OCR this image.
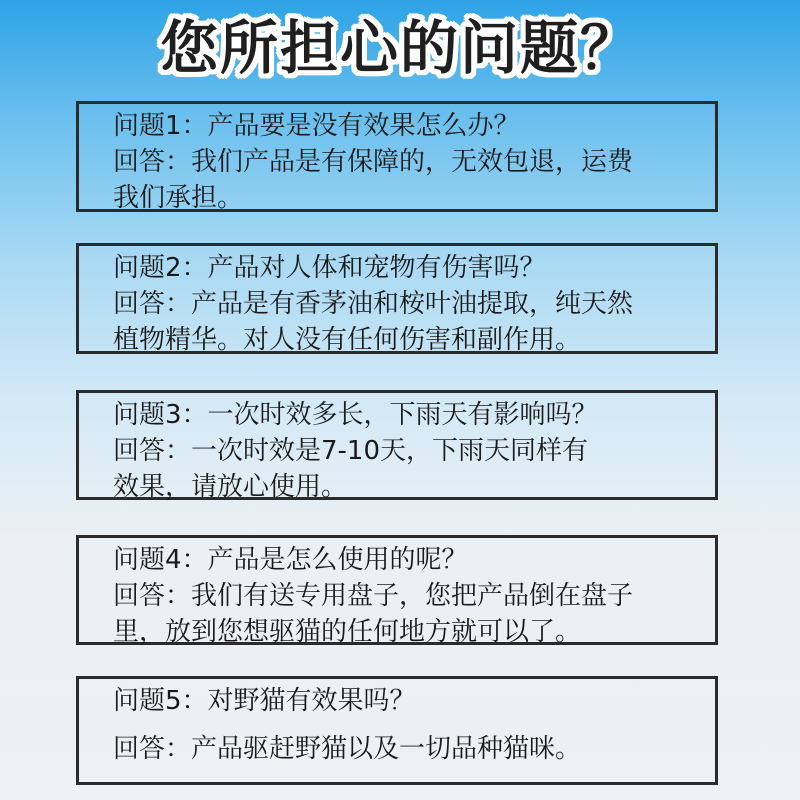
您所担心的问题？
问题1：产品要是没有效果怎么办？
回答：我们产品是有保障的，无效包退，运费
我们承担。
问题2：产品对人体和宠物有伤害吗？
回答：产品是有香茅油和桉叶油提取，纯天然
植物精华。对人没有任何伤害和副作用。
问题3：一次时效多长，下雨天有影响吗？
回答：一次时效是7-10天，下雨天同样有
效果，请放心使用。
问题4：产品是怎么使用的呢？
回答：我们有送专用盘子，您把产品倒在盘子
里，放到您想驱猫的任何地方就可以了。
问题5：对野猫有效果吗？
回答：产品驱赶野猫以及一切品种猫咪。
